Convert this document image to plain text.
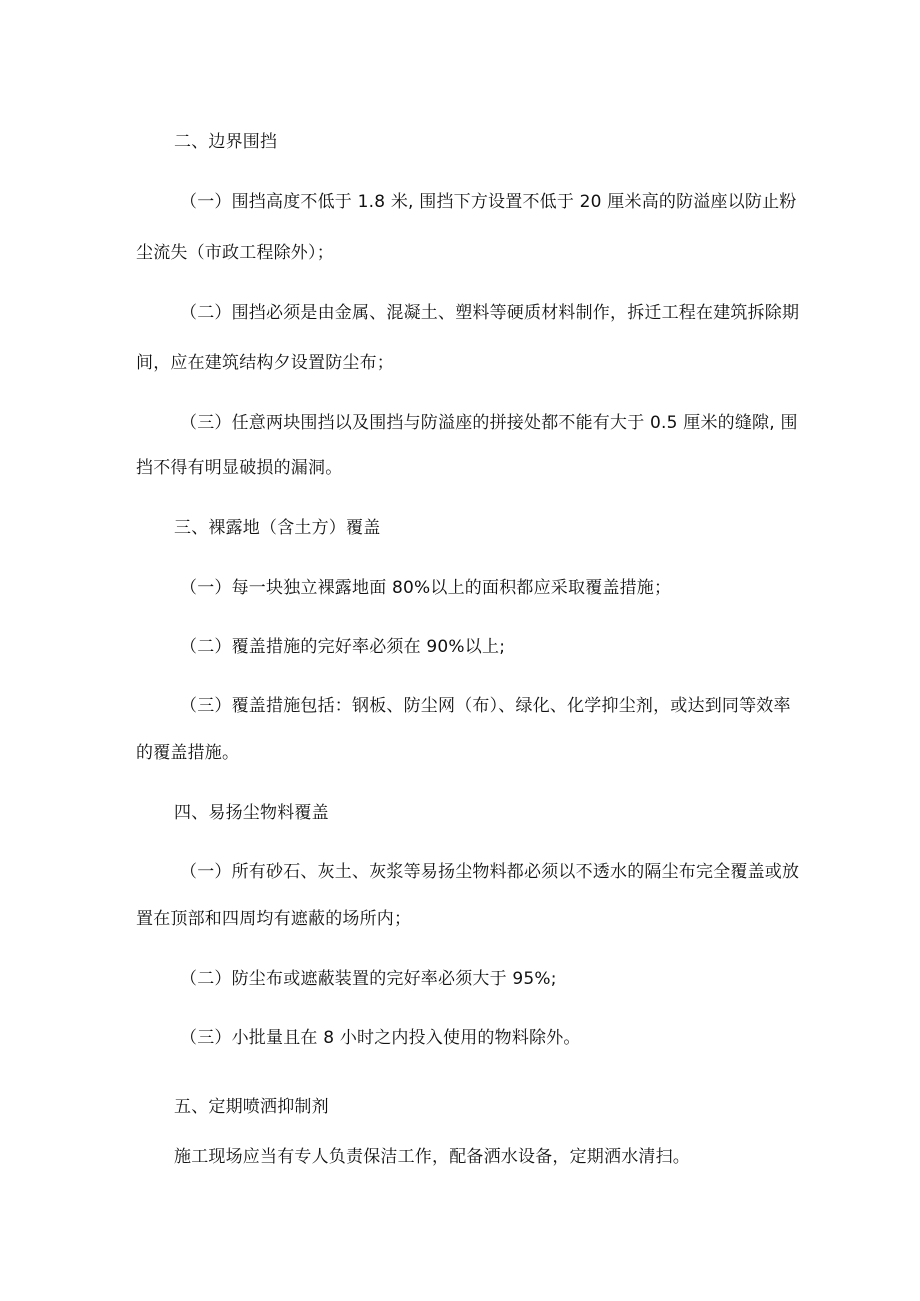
二、边界围挡

（一）围挡高度不低于 1.8 米, 围挡下方设置不低于 20 厘米高的防溢座以防止粉

尘流失（市政工程除外）；

（二）围挡必须是由金属、混凝土、塑料等硬质材料制作，拆迁工程在建筑拆除期

间，应在建筑结构夕设置防尘布；

（三）任意两块围挡以及围挡与防溢座的拼接处都不能有大于 0.5 厘米的缝隙, 围

挡不得有明显破损的漏洞。

三、裸露地（含土方）覆盖

（一）每一块独立裸露地面 80%以上的面积都应采取覆盖措施；

（二）覆盖措施的完好率必须在 90%以上;

（三）覆盖措施包括：钢板、防尘网（布）、绿化、化学抑尘剂，或达到同等效率

的覆盖措施。

四、易扬尘物料覆盖

（一）所有砂石、灰土、灰浆等易扬尘物料都必须以不透水的隔尘布完全覆盖或放

置在顶部和四周均有遮蔽的场所内；

（二）防尘布或遮蔽装置的完好率必须大于 95%;

（三）小批量且在 8 小时之内投入使用的物料除外。

五、定期喷洒抑制剂

施工现场应当有专人负责保洁工作，配备洒水设备，定期洒水清扫。
